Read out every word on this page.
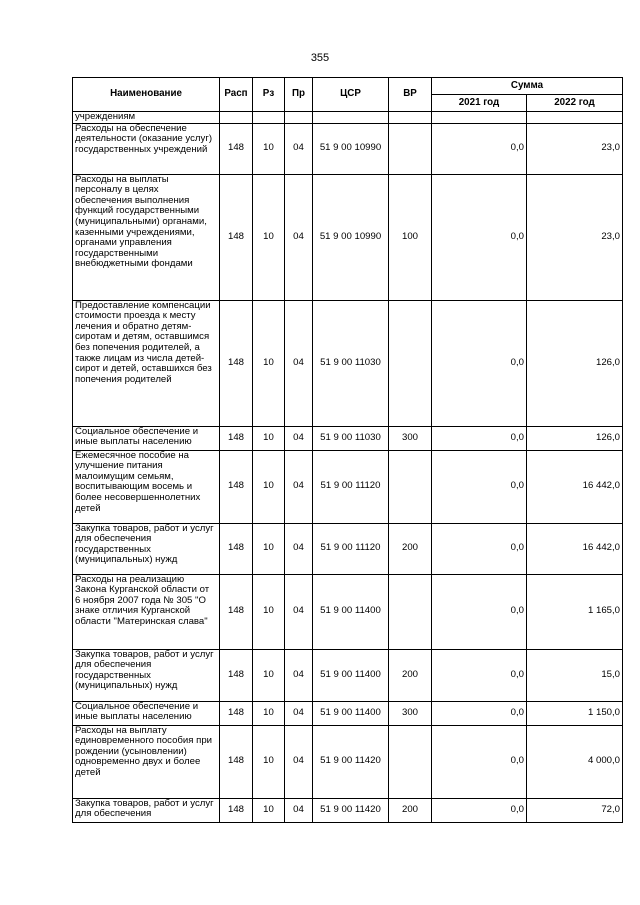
355
Наименование	Расп	Рз	Пр	ЦСР	ВР	Сумма	
						2021 год	2022 год
учреждениям							
Расходы на обеспечение деятельности (оказание услуг) государственных учреждений	148	10	04	51 9 00 10990		0,0	23,0
Расходы на выплаты персоналу в целях обеспечения выполнения функций государственными (муниципальными) органами, казенными учреждениями, органами управления государственными внебюджетными фондами	148	10	04	51 9 00 10990	100	0,0	23,0
Предоставление компенсации стоимости проезда к месту лечения и обратно детям-сиротам и детям, оставшимся без попечения родителей, а также лицам из числа детей-сирот и детей, оставшихся без попечения родителей	148	10	04	51 9 00 11030		0,0	126,0
Социальное обеспечение и иные выплаты населению	148	10	04	51 9 00 11030	300	0,0	126,0
Ежемесячное пособие на улучшение питания малоимущим семьям, воспитывающим восемь и более несовершеннолетних детей	148	10	04	51 9 00 11120		0,0	16 442,0
Закупка товаров, работ и услуг для обеспечения государственных (муниципальных) нужд	148	10	04	51 9 00 11120	200	0,0	16 442,0
Расходы на реализацию Закона Курганской области от 6 ноября 2007 года № 305 "О знаке отличия Курганской области "Материнская слава"	148	10	04	51 9 00 11400		0,0	1 165,0
Закупка товаров, работ и услуг для обеспечения государственных (муниципальных) нужд	148	10	04	51 9 00 11400	200	0,0	15,0
Социальное обеспечение и иные выплаты населению	148	10	04	51 9 00 11400	300	0,0	1 150,0
Расходы на выплату единовременного пособия при рождении (усыновлении) одновременно двух и более детей	148	10	04	51 9 00 11420		0,0	4 000,0
Закупка товаров, работ и услуг для обеспечения	148	10	04	51 9 00 11420	200	0,0	72,0
